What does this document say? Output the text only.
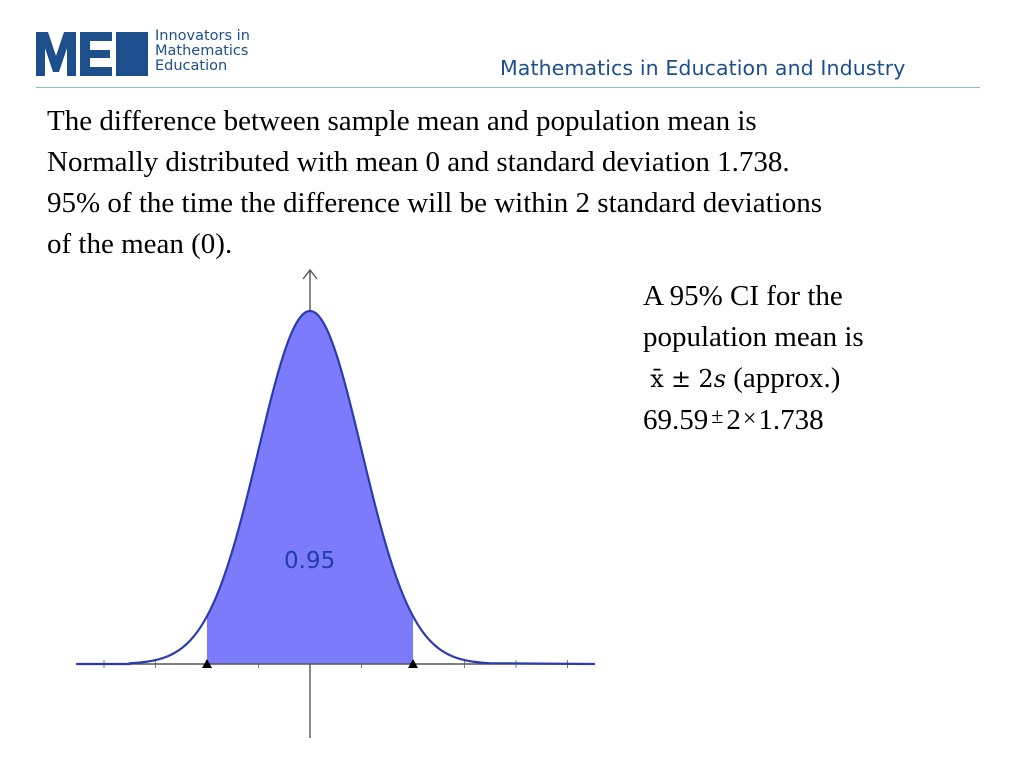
Innovators in
Mathematics
Education	Mathematics in Education and Industry
The difference between sample mean and population mean is
Normally distributed with mean 0 and standard deviation 1.738.
95% of the time the difference will be within 2 standard deviations
of the mean (0).
A 95% CI for the
population mean is
x̄ ± 2s (approx.)
69.59 ± 2×1.738
0.95
